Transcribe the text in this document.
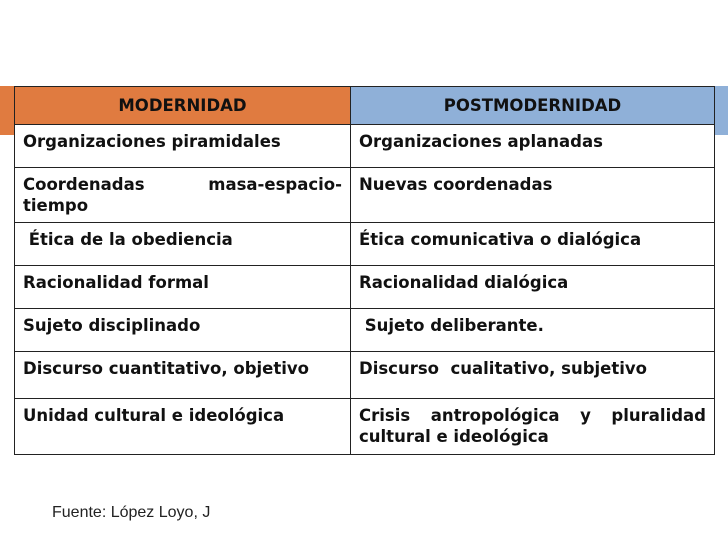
MODERNIDAD	POSTMODERNIDAD
Organizaciones piramidales	Organizaciones aplanadas

Coordenadas masa-espacio-tiempo	Nuevas coordenadas
Ética de la obediencia	Ética comunicativa o dialógica
Racionalidad formal	Racionalidad dialógica
Sujeto disciplinado	Sujeto deliberante.
Discurso cuantitativo, objetivo	Discurso  cualitativo, subjetivo
Unidad cultural e ideológica	Crisis antropológica y pluralidad cultural e ideológica
Fuente: López Loyo, J
